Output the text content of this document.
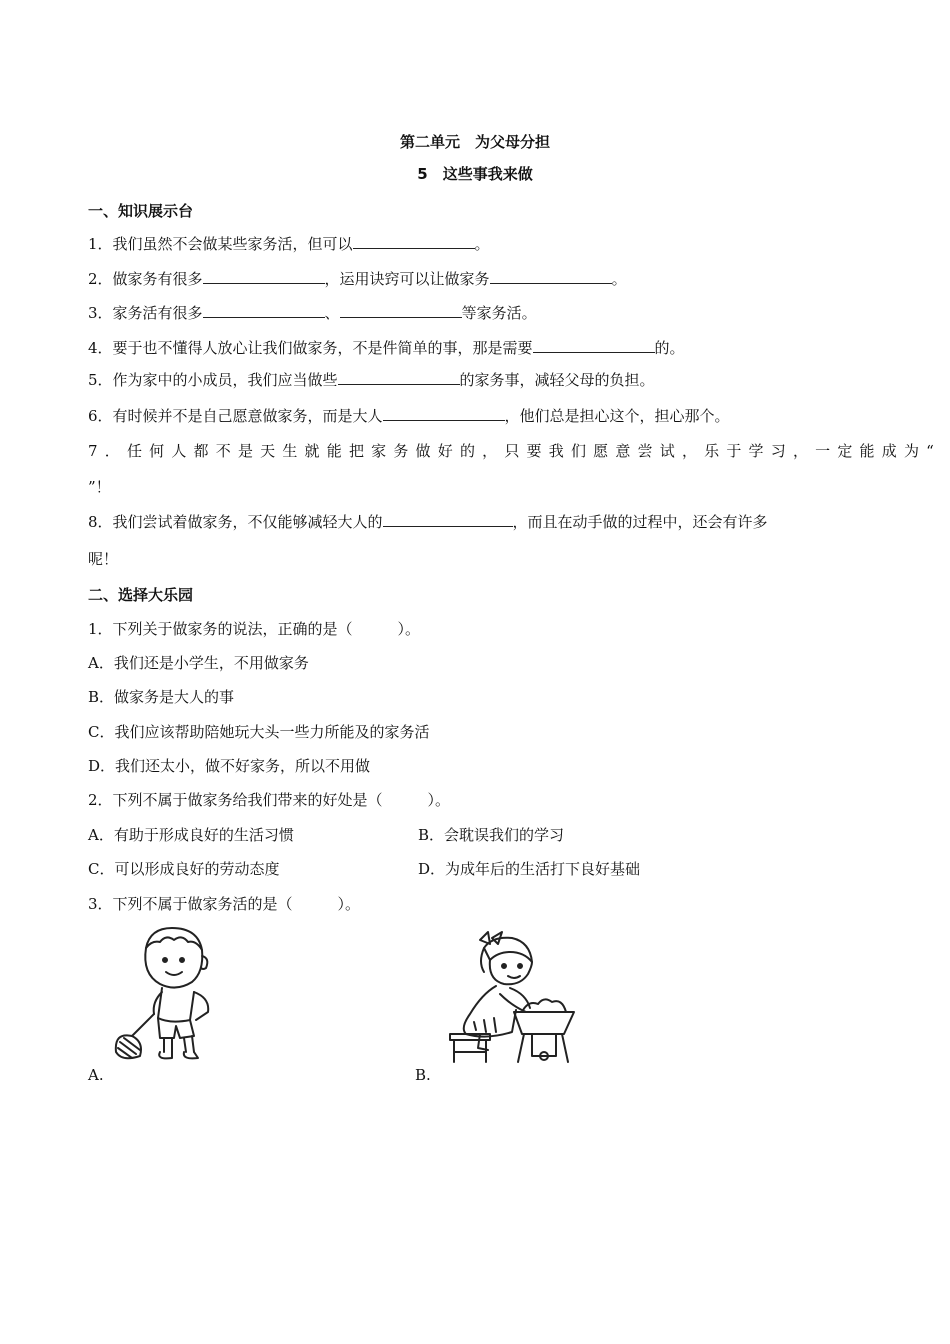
第二单元　为父母分担
5　这些事我来做
一、知识展示台
1．我们虽然不会做某些家务活，但可以	。
2．做家务有很多	，运用诀窍可以让做家务	。
3．家务活有很多	、	等家务活。
4．要于也不懂得人放心让我们做家务，不是件简单的事，那是需要	的。
5．作为家中的小成员，我们应当做些	的家务事，减轻父母的负担。
6．有时候并不是自己愿意做家务，而是大人	，他们总是担心这个，担心那个。
7．任何人都不是天生就能把家务做好的，只要我们愿意尝试，乐于学习，一定能成为“
”！
8．我们尝试着做家务，不仅能够减轻大人的	，而且在动手做的过程中，还会有许多
呢！
二、选择大乐园
1．下列关于做家务的说法，正确的是（　　　）。
A．我们还是小学生，不用做家务
B．做家务是大人的事
C．我们应该帮助陪她玩大头一些力所能及的家务活
D．我们还太小，做不好家务，所以不用做
2．下列不属于做家务给我们带来的好处是（　　　）。
A．有助于形成良好的生活习惯	B．会耽误我们的学习
C．可以形成良好的劳动态度	D．为成年后的生活打下良好基础
3．下列不属于做家务活的是（　　　）。
A.	B.
